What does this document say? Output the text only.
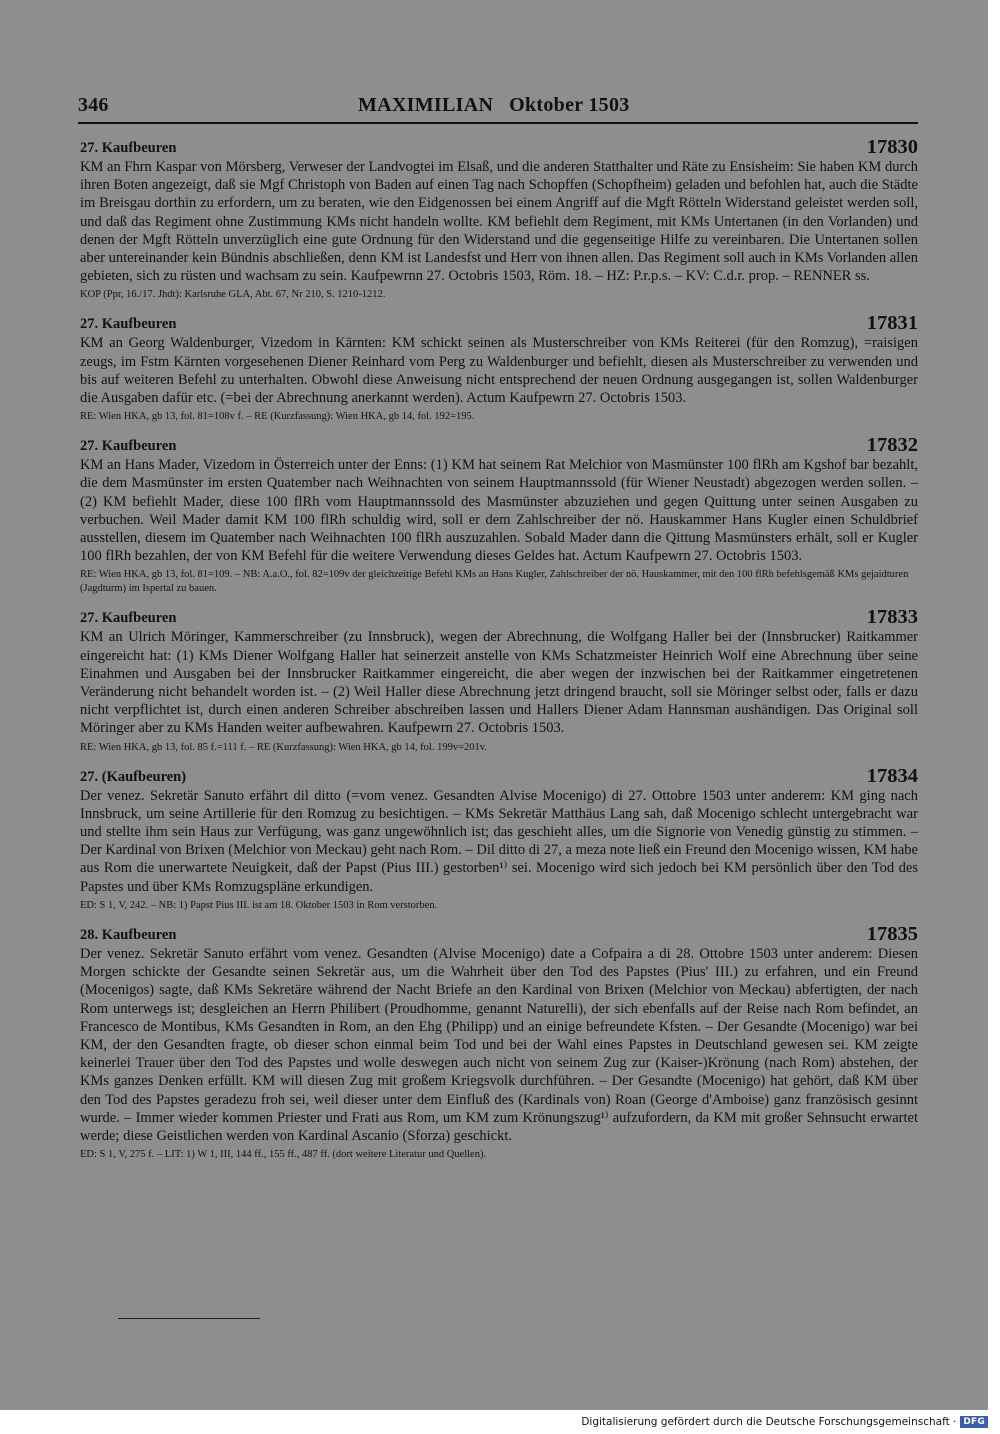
346	MAXIMILIAN   Oktober 1503
27. Kaufbeuren	17830

KM an Fhrn Kaspar von Mörsberg, Verweser der Landvogtei im Elsaß, und die anderen Statthalter und Räte zu Ensisheim: Sie haben KM durch ihren Boten angezeigt, daß sie Mgf Christoph von Baden auf einen Tag nach Schopffen (Schopfheim) geladen und befohlen hat, auch die Städte im Breisgau dorthin zu erfordern, um zu beraten, wie den Eidgenossen bei einem Angriff auf die Mgft Rötteln Widerstand geleistet werden soll, und daß das Regiment ohne Zustimmung KMs nicht handeln wollte. KM befiehlt dem Regiment, mit KMs Untertanen (in den Vorlanden) und denen der Mgft Rötteln unverzüglich eine gute Ordnung für den Widerstand und die gegenseitige Hilfe zu vereinbaren. Die Untertanen sollen aber untereinander kein Bündnis abschließen, denn KM ist Landesfst und Herr von ihnen allen. Das Regiment soll auch in KMs Vorlanden allen gebieten, sich zu rüsten und wachsam zu sein. Kaufpewrnn 27. Octobris 1503, Röm. 18. – HZ: P.r.p.s. – KV: C.d.r. prop. – RENNER ss.

KOP (Ppr, 16./17. Jhdt): Karlsruhe GLA, Abt. 67, Nr 210, S. 1210-1212.
27. Kaufbeuren	17831

KM an Georg Waldenburger, Vizedom in Kärnten: KM schickt seinen als Musterschreiber von KMs Reiterei (für den Romzug), =raisigen zeugs, im Fstm Kärnten vorgesehenen Diener Reinhard vom Perg zu Waldenburger und befiehlt, diesen als Musterschreiber zu verwenden und bis auf weiteren Befehl zu unterhalten. Obwohl diese Anweisung nicht entsprechend der neuen Ordnung ausgegangen ist, sollen Waldenburger die Ausgaben dafür etc. (=bei der Abrechnung anerkannt werden). Actum Kaufpewrn 27. Octobris 1503.

RE: Wien HKA, gb 13, fol. 81=108v f. – RE (Kurzfassung): Wien HKA, gb 14, fol. 192=195.
27. Kaufbeuren	17832

KM an Hans Mader, Vizedom in Österreich unter der Enns: (1) KM hat seinem Rat Melchior von Masmünster 100 flRh am Kgshof bar bezahlt, die dem Masmünster im ersten Quatember nach Weihnachten von seinem Hauptmannssold (für Wiener Neustadt) abgezogen werden sollen. – (2) KM befiehlt Mader, diese 100 flRh vom Hauptmannssold des Masmünster abzuziehen und gegen Quittung unter seinen Ausgaben zu verbuchen. Weil Mader damit KM 100 flRh schuldig wird, soll er dem Zahlschreiber der nö. Hauskammer Hans Kugler einen Schuldbrief ausstellen, diesem im Quatember nach Weihnachten 100 flRh auszuzahlen. Sobald Mader dann die Qittung Masmünsters erhält, soll er Kugler 100 flRh bezahlen, der von KM Befehl für die weitere Verwendung dieses Geldes hat. Actum Kaufpewrn 27. Octobris 1503.

RE: Wien HKA, gb 13, fol. 81=109. – NB: A.a.O., fol. 82=109v der gleichzeitige Befehl KMs an Hans Kugler, Zahlschreiber der nö. Hauskammer, mit den 100 flRh befehlsgemäß KMs gejaidturen (Jagdturm) im Ispertal zu bauen.
27. Kaufbeuren	17833

KM an Ulrich Möringer, Kammerschreiber (zu Innsbruck), wegen der Abrechnung, die Wolfgang Haller bei der (Innsbrucker) Raitkammer eingereicht hat: (1) KMs Diener Wolfgang Haller hat seinerzeit anstelle von KMs Schatzmeister Heinrich Wolf eine Abrechnung über seine Einahmen und Ausgaben bei der Innsbrucker Raitkammer eingereicht, die aber wegen der inzwischen bei der Raitkammer eingetretenen Veränderung nicht behandelt worden ist. – (2) Weil Haller diese Abrechnung jetzt dringend braucht, soll sie Möringer selbst oder, falls er dazu nicht verpflichtet ist, durch einen anderen Schreiber abschreiben lassen und Hallers Diener Adam Hannsman aushändigen. Das Original soll Möringer aber zu KMs Handen weiter aufbewahren. Kaufpewrn 27. Octobris 1503.

RE: Wien HKA, gb 13, fol. 85 f.=111 f. – RE (Kurzfassung): Wien HKA, gb 14, fol. 199v=201v.
27. (Kaufbeuren)	17834

Der venez. Sekretär Sanuto erfährt dil ditto (=vom venez. Gesandten Alvise Mocenigo) di 27. Ottobre 1503 unter anderem: KM ging nach Innsbruck, um seine Artillerie für den Romzug zu besichtigen. – KMs Sekretär Matthäus Lang sah, daß Mocenigo schlecht untergebracht war und stellte ihm sein Haus zur Verfügung, was ganz ungewöhnlich ist; das geschieht alles, um die Signorie von Venedig günstig zu stimmen. – Der Kardinal von Brixen (Melchior von Meckau) geht nach Rom. – Dil ditto di 27, a meza note ließ ein Freund den Mocenigo wissen, KM habe aus Rom die unerwartete Neuigkeit, daß der Papst (Pius III.) gestorben¹⁾ sei. Mocenigo wird sich jedoch bei KM persönlich über den Tod des Papstes und über KMs Romzugspläne erkundigen.

ED: S 1, V, 242. – NB: 1) Papst Pius III. ist am 18. Oktober 1503 in Rom verstorben.
28. Kaufbeuren	17835

Der venez. Sekretär Sanuto erfährt vom venez. Gesandten (Alvise Mocenigo) date a Cofpaira a di 28. Ottobre 1503 unter anderem: Diesen Morgen schickte der Gesandte seinen Sekretär aus, um die Wahrheit über den Tod des Papstes (Pius' III.) zu erfahren, und ein Freund (Mocenigos) sagte, daß KMs Sekretäre während der Nacht Briefe an den Kardinal von Brixen (Melchior von Meckau) abfertigten, der nach Rom unterwegs ist; desgleichen an Herrn Philibert (Proudhomme, genannt Naturelli), der sich ebenfalls auf der Reise nach Rom befindet, an Francesco de Montibus, KMs Gesandten in Rom, an den Ehg (Philipp) und an einige befreundete Kfsten. – Der Gesandte (Mocenigo) war bei KM, der den Gesandten fragte, ob dieser schon einmal beim Tod und bei der Wahl eines Papstes in Deutschland gewesen sei. KM zeigte keinerlei Trauer über den Tod des Papstes und wolle deswegen auch nicht von seinem Zug zur (Kaiser-)Krönung (nach Rom) abstehen, der KMs ganzes Denken erfüllt. KM will diesen Zug mit großem Kriegsvolk durchführen. – Der Gesandte (Mocenigo) hat gehört, daß KM über den Tod des Papstes geradezu froh sei, weil dieser unter dem Einfluß des (Kardinals von) Roan (George d'Amboise) ganz französisch gesinnt wurde. – Immer wieder kommen Priester und Frati aus Rom, um KM zum Krönungszug¹⁾ aufzufordern, da KM mit großer Sehnsucht erwartet werde; diese Geistlichen werden von Kardinal Ascanio (Sforza) geschickt.

ED: S 1, V, 275 f. – LIT: 1) W 1, III, 144 ff., 155 ff., 487 ff. (dort weitere Literatur und Quellen).
Digitalisierung gefördert durch die Deutsche Forschungsgemeinschaft · DFG
